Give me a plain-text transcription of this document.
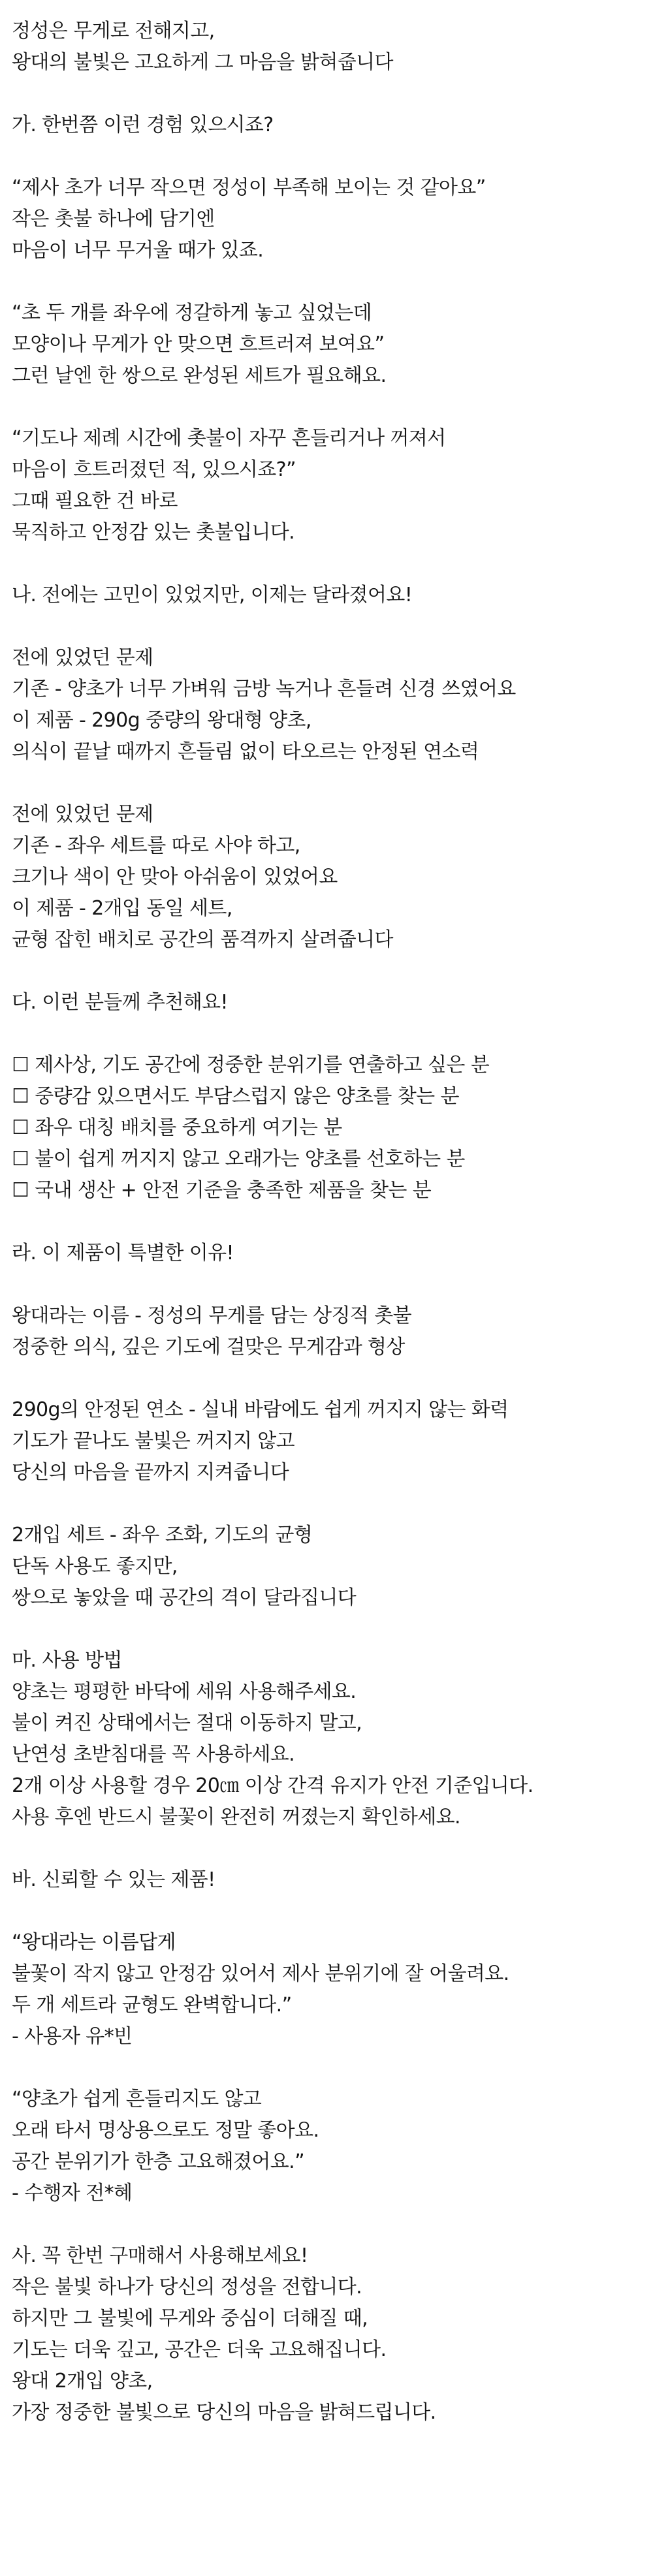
정성은 무게로 전해지고,
왕대의 불빛은 고요하게 그 마음을 밝혀줍니다
가. 한번쯤 이런 경험 있으시죠?
“제사 초가 너무 작으면 정성이 부족해 보이는 것 같아요”
작은 촛불 하나에 담기엔
마음이 너무 무거울 때가 있죠.
“초 두 개를 좌우에 정갈하게 놓고 싶었는데
모양이나 무게가 안 맞으면 흐트러져 보여요”
그런 날엔 한 쌍으로 완성된 세트가 필요해요.
“기도나 제례 시간에 촛불이 자꾸 흔들리거나 꺼져서
마음이 흐트러졌던 적, 있으시죠?”
그때 필요한 건 바로
묵직하고 안정감 있는 촛불입니다.
나. 전에는 고민이 있었지만, 이제는 달라졌어요!
전에 있었던 문제
기존 - 양초가 너무 가벼워 금방 녹거나 흔들려 신경 쓰였어요
이 제품 - 290g 중량의 왕대형 양초,
의식이 끝날 때까지 흔들림 없이 타오르는 안정된 연소력
전에 있었던 문제
기존 - 좌우 세트를 따로 사야 하고,
크기나 색이 안 맞아 아쉬움이 있었어요
이 제품 - 2개입 동일 세트,
균형 잡힌 배치로 공간의 품격까지 살려줍니다
다. 이런 분들께 추천해요!
☐ 제사상, 기도 공간에 정중한 분위기를 연출하고 싶은 분
☐ 중량감 있으면서도 부담스럽지 않은 양초를 찾는 분
☐ 좌우 대칭 배치를 중요하게 여기는 분
☐ 불이 쉽게 꺼지지 않고 오래가는 양초를 선호하는 분
☐ 국내 생산 + 안전 기준을 충족한 제품을 찾는 분
라. 이 제품이 특별한 이유!
왕대라는 이름 - 정성의 무게를 담는 상징적 촛불
정중한 의식, 깊은 기도에 걸맞은 무게감과 형상
290g의 안정된 연소 - 실내 바람에도 쉽게 꺼지지 않는 화력
기도가 끝나도 불빛은 꺼지지 않고
당신의 마음을 끝까지 지켜줍니다
2개입 세트 - 좌우 조화, 기도의 균형
단독 사용도 좋지만,
쌍으로 놓았을 때 공간의 격이 달라집니다
마. 사용 방법
양초는 평평한 바닥에 세워 사용해주세요.
불이 켜진 상태에서는 절대 이동하지 말고,
난연성 초받침대를 꼭 사용하세요.
2개 이상 사용할 경우 20㎝ 이상 간격 유지가 안전 기준입니다.
사용 후엔 반드시 불꽃이 완전히 꺼졌는지 확인하세요.
바. 신뢰할 수 있는 제품!
“왕대라는 이름답게
불꽃이 작지 않고 안정감 있어서 제사 분위기에 잘 어울려요.
두 개 세트라 균형도 완벽합니다.”
- 사용자 유*빈
“양초가 쉽게 흔들리지도 않고
오래 타서 명상용으로도 정말 좋아요.
공간 분위기가 한층 고요해졌어요.”
- 수행자 전*혜
사. 꼭 한번 구매해서 사용해보세요!
작은 불빛 하나가 당신의 정성을 전합니다.
하지만 그 불빛에 무게와 중심이 더해질 때,
기도는 더욱 깊고, 공간은 더욱 고요해집니다.
왕대 2개입 양초,
가장 정중한 불빛으로 당신의 마음을 밝혀드립니다.
